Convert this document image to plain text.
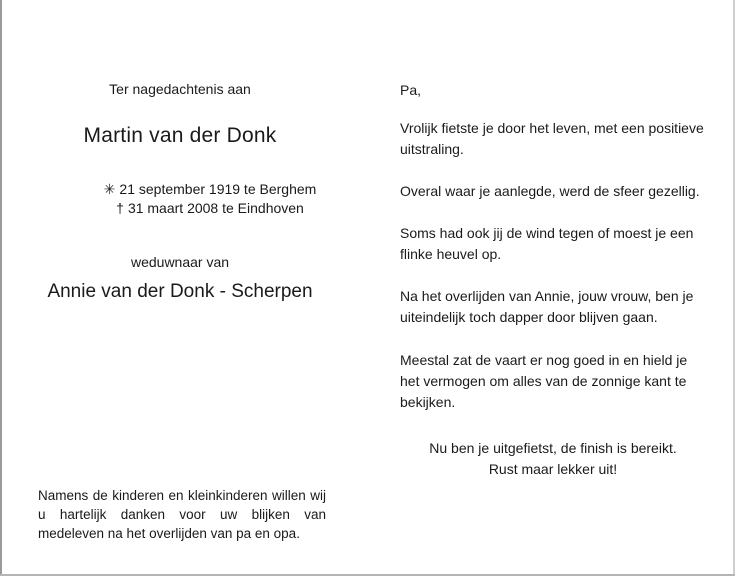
Ter nagedachtenis aan
Martin van der Donk
✳ 21 september 1919 te Berghem
† 31 maart 2008 te Eindhoven
weduwnaar van
Annie van der Donk - Scherpen
Namens de kinderen en kleinkinderen willen wij u hartelijk danken voor uw blijken van medeleven na het overlijden van pa en opa.
Pa,
Vrolijk fietste je door het leven, met een positieve uitstraling.
Overal waar je aanlegde, werd de sfeer gezellig.
Soms had ook jij de wind tegen of moest je een flinke heuvel op.
Na het overlijden van Annie, jouw vrouw, ben je uiteindelijk toch dapper door blijven gaan.
Meestal zat de vaart er nog goed in en hield je het vermogen om alles van de zonnige kant te bekijken.
Nu ben je uitgefietst, de finish is bereikt.
Rust maar lekker uit!
